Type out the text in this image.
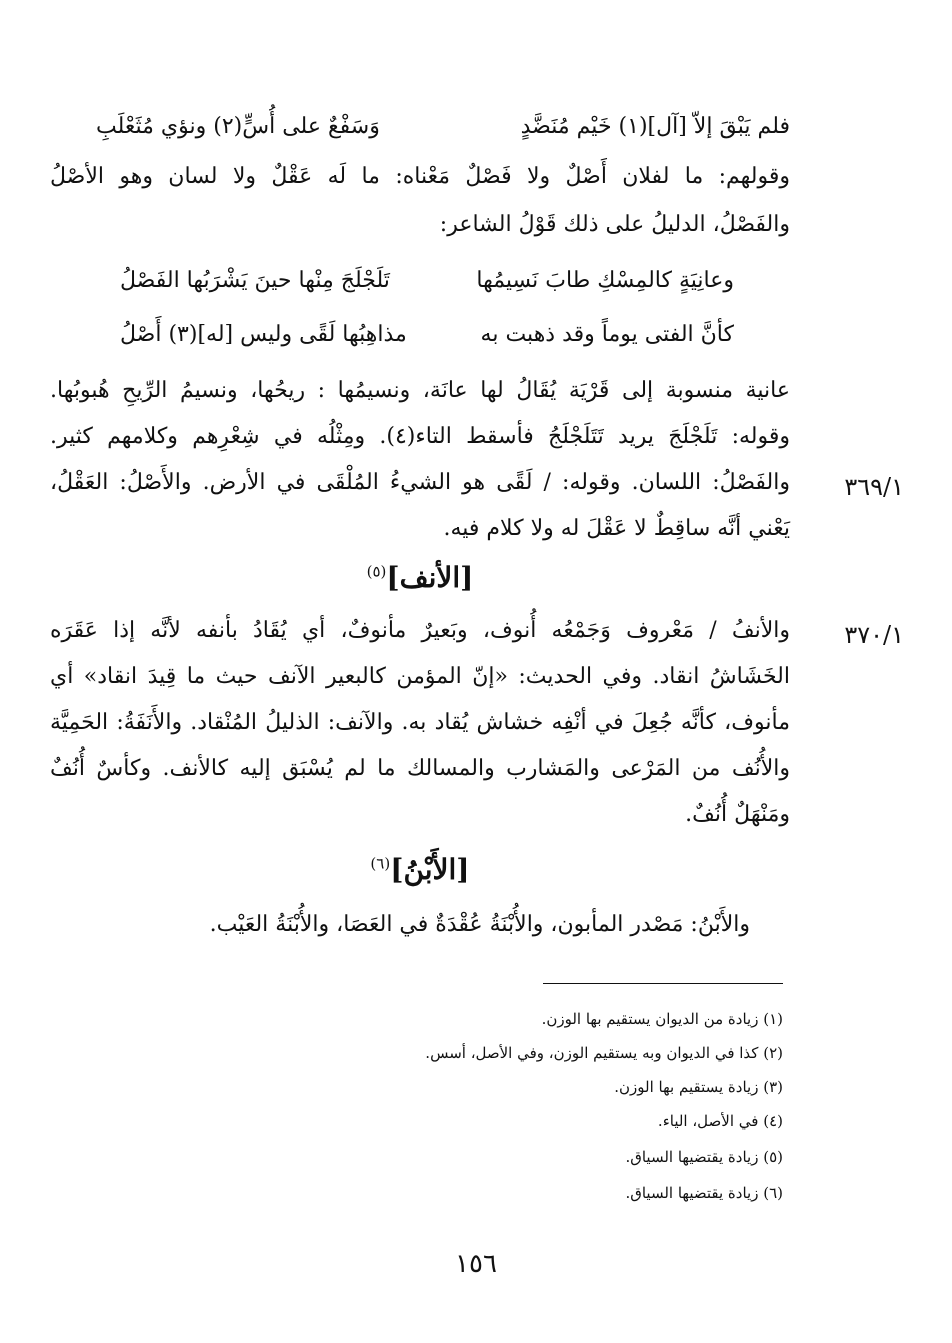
فلم يَبْقَ إلاّ [آل](١) خَيْم مُنَضَّدٍ
وَسَفْعٌ على أُسٍّ(٢) ونؤي مُثَعْلَبِ
وقولهم: ما لفلان أَصْلٌ ولا فَصْلٌ مَعْناه: ما لَه عَقْلٌ ولا لسان وهو الأصْلُ
والفَصْلُ، الدليلُ على ذلك قَوْلُ الشاعر:
وعانِيَةٍ كالمِسْكِ طابَ نَسِيمُها
تَلَجْلَجَ مِنْها حينَ يَشْرَبُها الفَصْلُ
كأنَّ الفتى يوماً وقد ذهبت به
مذاهِبُها لَقًى وليس [له](٣) أَصْلُ
عانية منسوبة إلى قَرْيَة يُقَالُ لها عانَة، ونسيمُها : ريحُها، ونسيمُ الرِّيحِ هُبوبُها.
وقوله: تَلَجْلَجَ يريد تَتَلَجْلَجُ فأسقط التاء(٤). ومِثْلُه في شِعْرِهم وكلامهم كثير.
والفَصْلُ: اللسان. وقوله: / لَقًى هو الشيءُ المُلْقَى في الأرض. والأَصْلُ: العَقْلُ،	٣٦٩/١
يَعْني أنَّه ساقِطٌ لا عَقْلَ له ولا كلام فيه.
[الأنف]$^{(٥)}$
٣٧٠/١
والأنفُ / مَعْروف وَجَمْعُه أُنوف، وبَعيرٌ مأنوفٌ، أي يُقَادُ بأنفه لأنَّه إذا عَقَرَه
الخَشَاشُ انقاد. وفي الحديث: «إنّ المؤمن كالبعير الآنف حيث ما قِيدَ انقاد» أي
مأنوف، كأنَّه جُعِلَ في أنْفِه خشاش يُقاد به. والآنف: الذليلُ المُنْقاد. والأَنَفَةُ: الحَمِيَّة
والأُنُف من المَرْعى والمَشارب والمسالك ما لم يُسْبَق إليه كالأنف. وكأسٌ أُنُفٌ
ومَنْهَلٌ أُنُفٌ.
[الأَبْنُ]$^{(٦)}$
والأَبْنُ: مَصْدر المأبون، والأُبْنَةُ عُقْدَةٌ في العَصَا، والأُبْنَةُ العَيْب.
(١) زيادة من الديوان يستقيم بها الوزن.
(٢) كذا في الديوان وبه يستقيم الوزن، وفي الأصل، أسس.
(٣) زيادة يستقيم بها الوزن.
(٤) في الأصل، الياء.
(٥) زيادة يقتضيها السياق.
(٦) زيادة يقتضيها السياق.
١٥٦
